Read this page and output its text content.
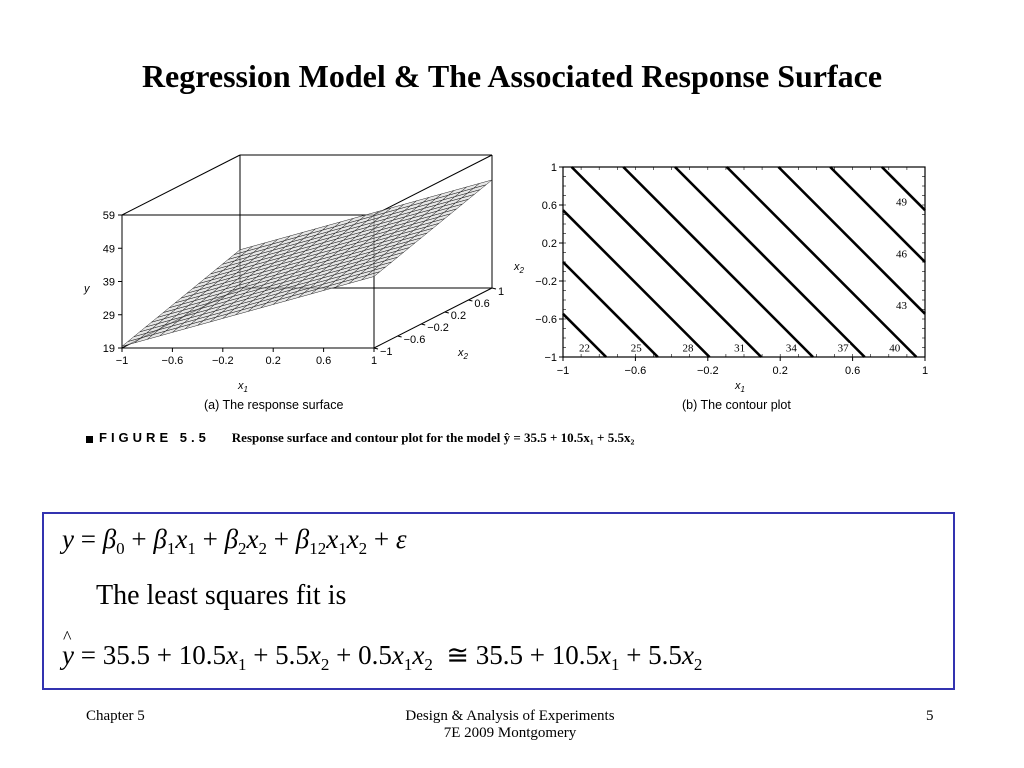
Regression Model & The Associated Response Surface
−1	−0.6	−0.2	0.2	0.6	1
19
29
39
49
59
−1
−0.6
−0.2
0.2
0.6
1
$x_1$
y
$x_2$
(a) The response surface
22	25	28	31	34	37	40
43
46
49
−1	−0.6	−0.2	0.2	0.6	1
−1
−0.6
−0.2
0.2
0.6
1
$x_1$
$x_2$
(b) The contour plot
FIGURE 5.5 Response surface and contour plot for the model ŷ = 35.5 + 10.5x₁ + 5.5x₂
$y = \beta_0 + \beta_1x_1 + \beta_2x_2 + \beta_{12}x_1x_2 + \varepsilon$
The least squares fit is
^ $y = 35.5 + 10.5x_1 + 5.5x_2 + 0.5x_1x_2$  ≅ $35.5 + 10.5x_1 + 5.5x_2$
Chapter 5	Design & Analysis of Experiments
7E 2009 Montgomery
5
